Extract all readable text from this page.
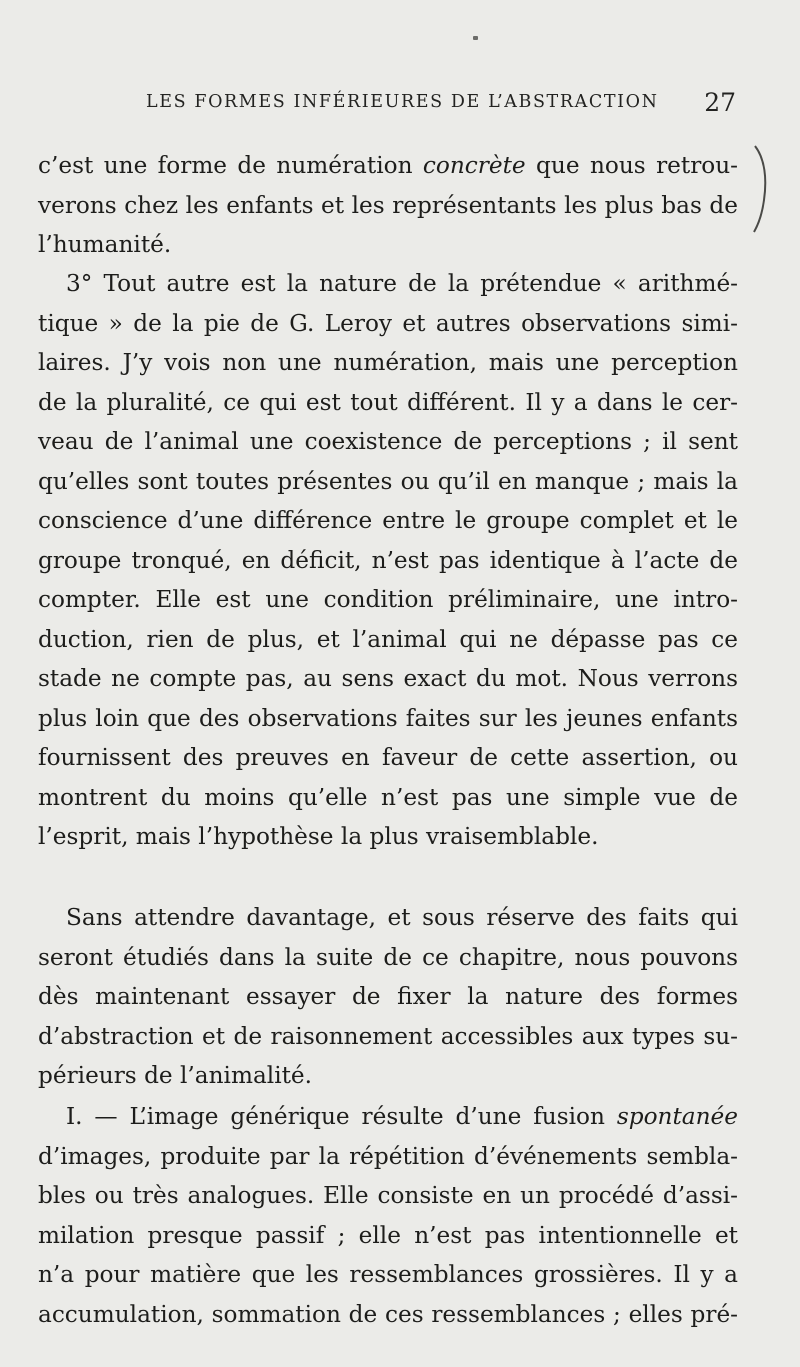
LES FORMES INFÉRIEURES DE L’ABSTRACTION 27
c’est une forme de numération concrète que nous retrou-
verons chez les enfants et les représentants les plus bas de
l’humanité.
3° Tout autre est la nature de la prétendue « arithmé-
tique » de la pie de G. Leroy et autres observations simi-
laires. J’y vois non une numération, mais une perception
de la pluralité, ce qui est tout différent. Il y a dans le cer-
veau de l’animal une coexistence de perceptions ; il sent
qu’elles sont toutes présentes ou qu’il en manque ; mais la
conscience d’une différence entre le groupe complet et le
groupe tronqué, en déficit, n’est pas identique à l’acte de
compter. Elle est une condition préliminaire, une intro-
duction, rien de plus, et l’animal qui ne dépasse pas ce
stade ne compte pas, au sens exact du mot. Nous verrons
plus loin que des observations faites sur les jeunes enfants
fournissent des preuves en faveur de cette assertion, ou
montrent du moins qu’elle n’est pas une simple vue de
l’esprit, mais l’hypothèse la plus vraisemblable.
Sans attendre davantage, et sous réserve des faits qui
seront étudiés dans la suite de ce chapitre, nous pouvons
dès maintenant essayer de fixer la nature des formes
d’abstraction et de raisonnement accessibles aux types su-
périeurs de l’animalité.
I. — L’image générique résulte d’une fusion spontanée
d’images, produite par la répétition d’événements sembla-
bles ou très analogues. Elle consiste en un procédé d’assi-
milation presque passif ; elle n’est pas intentionnelle et
n’a pour matière que les ressemblances grossières. Il y a
accumulation, sommation de ces ressemblances ; elles pré-
